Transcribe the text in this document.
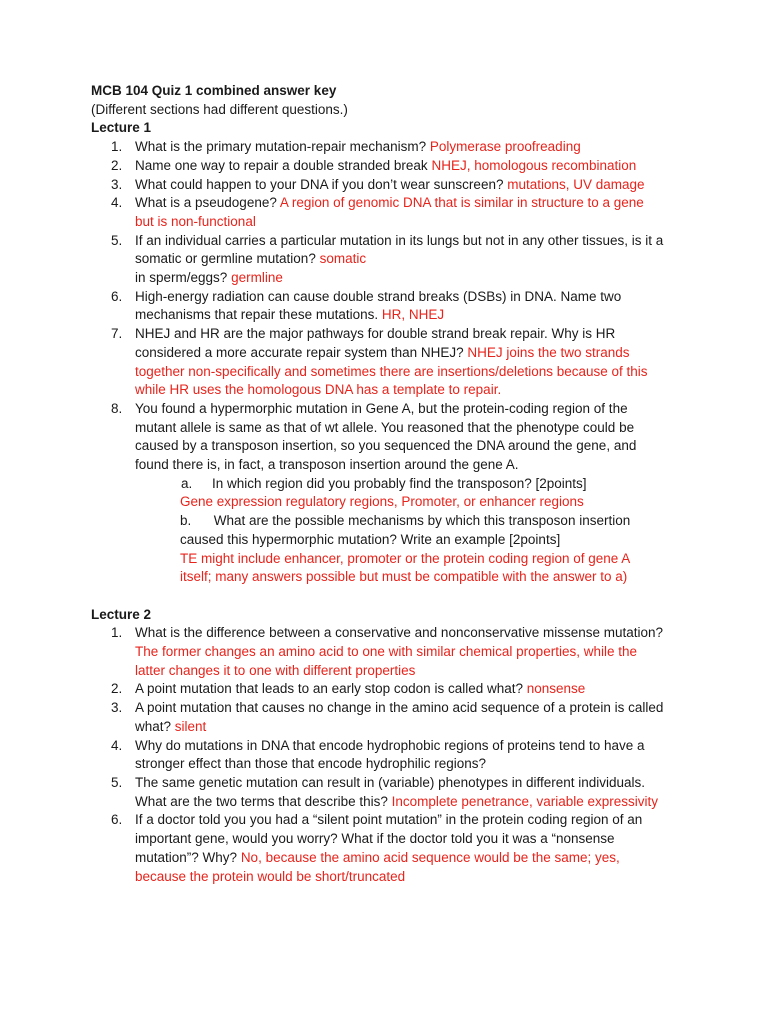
MCB 104 Quiz 1 combined answer key
(Different sections had different questions.)
Lecture 1
1. What is the primary mutation-repair mechanism? Polymerase proofreading
2. Name one way to repair a double stranded break NHEJ, homologous recombination
3. What could happen to your DNA if you don’t wear sunscreen? mutations, UV damage
4. What is a pseudogene? A region of genomic DNA that is similar in structure to a gene
but is non-functional
5. If an individual carries a particular mutation in its lungs but not in any other tissues, is it a
somatic or germline mutation? somatic
in sperm/eggs? germline
6. High-energy radiation can cause double strand breaks (DSBs) in DNA. Name two
mechanisms that repair these mutations. HR, NHEJ
7. NHEJ and HR are the major pathways for double strand break repair. Why is HR
considered a more accurate repair system than NHEJ? NHEJ joins the two strands
together non-specifically and sometimes there are insertions/deletions because of this
while HR uses the homologous DNA has a template to repair.
8. You found a hypermorphic mutation in Gene A, but the protein-coding region of the
mutant allele is same as that of wt allele. You reasoned that the phenotype could be
caused by a transposon insertion, so you sequenced the DNA around the gene, and
found there is, in fact, a transposon insertion around the gene A.
a. In which region did you probably find the transposon? [2points]
Gene expression regulatory regions, Promoter, or enhancer regions
b. What are the possible mechanisms by which this transposon insertion
caused this hypermorphic mutation? Write an example [2points]
TE might include enhancer, promoter or the protein coding region of gene A
itself; many answers possible but must be compatible with the answer to a)
Lecture 2
1. What is the difference between a conservative and nonconservative missense mutation?
The former changes an amino acid to one with similar chemical properties, while the
latter changes it to one with different properties
2. A point mutation that leads to an early stop codon is called what? nonsense
3. A point mutation that causes no change in the amino acid sequence of a protein is called
what? silent
4. Why do mutations in DNA that encode hydrophobic regions of proteins tend to have a
stronger effect than those that encode hydrophilic regions?
5. The same genetic mutation can result in (variable) phenotypes in different individuals.
What are the two terms that describe this? Incomplete penetrance, variable expressivity
6. If a doctor told you you had a “silent point mutation” in the protein coding region of an
important gene, would you worry? What if the doctor told you it was a “nonsense
mutation”? Why? No, because the amino acid sequence would be the same; yes,
because the protein would be short/truncated
